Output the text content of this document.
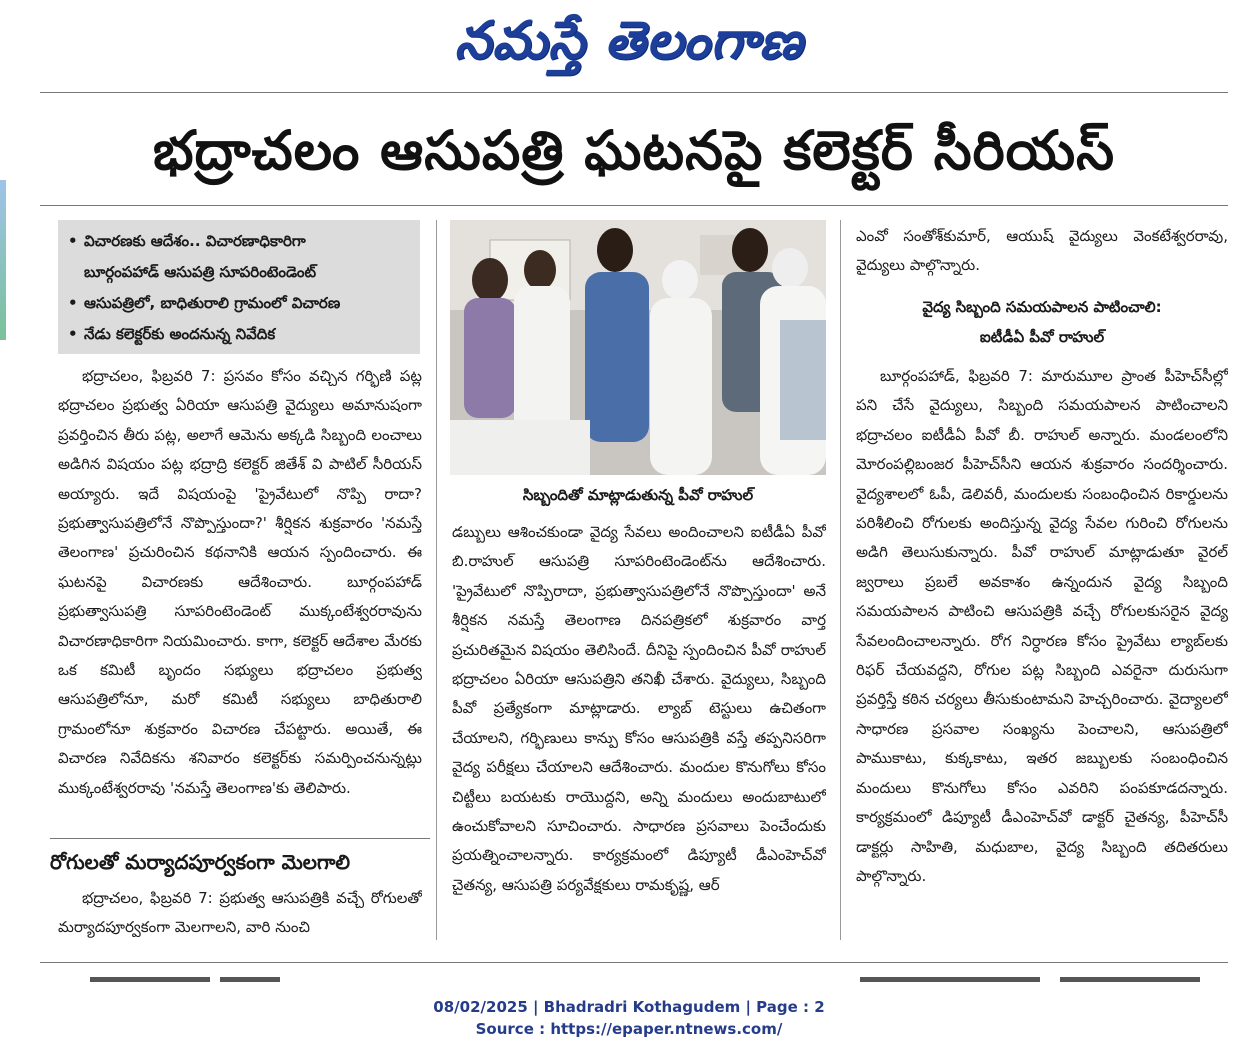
నమస్తే తెలంగాణ
భద్రాచలం ఆసుపత్రి ఘటనపై కలెక్టర్ సీరియస్
• విచారణకు ఆదేశం.. విచారణాధికారిగా
బూర్గంపహాడ్ ఆసుపత్రి సూపరింటెండెంట్
• ఆసుపత్రిలో, బాధితురాలి గ్రామంలో విచారణ
• నేడు కలెక్టర్‌కు అందనున్న నివేదిక
భద్రాచలం, ఫిబ్రవరి 7: ప్రసవం కోసం వచ్చిన గర్భిణి పట్ల భద్రాచలం ప్రభుత్వ ఏరియా ఆసుపత్రి వైద్యులు అమానుషంగా ప్రవర్తించిన తీరు పట్ల, అలాగే ఆమెను అక్కడి సిబ్బంది లంచాలు అడిగిన విషయం పట్ల భద్రాద్రి కలెక్టర్ జితేశ్ వి పాటిల్ సీరియస్ అయ్యారు. ఇదే విషయంపై 'ప్రైవేటులో నొప్పి రాదా? ప్రభుత్వాసుపత్రిలోనే నొప్పొస్తుందా?' శీర్షికన శుక్రవారం 'నమస్తే తెలంగాణ' ప్రచురించిన కథనానికి ఆయన స్పందించారు. ఈ ఘటనపై విచారణకు ఆదేశించారు. బూర్గంపహాడ్ ప్రభుత్వాసుపత్రి సూపరింటెండెంట్ ముక్కంటేశ్వరరావును విచారణాధికారిగా నియమించారు. కాగా, కలెక్టర్ ఆదేశాల మేరకు ఒక కమిటీ బృందం సభ్యులు భద్రాచలం ప్రభుత్వ ఆసుపత్రిలోనూ, మరో కమిటీ సభ్యులు బాధితురాలి గ్రామంలోనూ శుక్రవారం విచారణ చేపట్టారు. అయితే, ఈ విచారణ నివేదికను శనివారం కలెక్టర్‌కు సమర్పించనున్నట్లు ముక్కంటేశ్వరరావు 'నమస్తే తెలంగాణ'కు తెలిపారు.
రోగులతో మర్యాదపూర్వకంగా మెలగాలి
భద్రాచలం, ఫిబ్రవరి 7: ప్రభుత్వ ఆసుపత్రికి వచ్చే రోగులతో మర్యాదపూర్వకంగా మెలగాలని, వారి నుంచి
సిబ్బందితో మాట్లాడుతున్న పీవో రాహుల్
డబ్బులు ఆశించకుండా వైద్య సేవలు అందించాలని ఐటీడీఏ పీవో బి.రాహుల్ ఆసుపత్రి సూపరింటెండెంట్‌ను ఆదేశించారు. 'ప్రైవేటులో నొప్పిరాదా, ప్రభుత్వాసుపత్రిలోనే నొప్పొస్తుందా' అనే శీర్షికన నమస్తే తెలంగాణ దినపత్రికలో శుక్రవారం వార్త ప్రచురితమైన విషయం తెలిసిందే. దీనిపై స్పందించిన పీవో రాహుల్ భద్రాచలం ఏరియా ఆసుపత్రిని తనిఖీ చేశారు. వైద్యులు, సిబ్బంది పీవో ప్రత్యేకంగా మాట్లాడారు. ల్యాబ్ టెస్టులు ఉచితంగా చేయాలని, గర్భిణులు కాన్పు కోసం ఆసుపత్రికి వస్తే తప్పనిసరిగా వైద్య పరీక్షలు చేయాలని ఆదేశించారు. మందుల కొనుగోలు కోసం చిట్టీలు బయటకు రాయొద్దని, అన్ని మందులు అందుబాటులో ఉంచుకోవాలని సూచించారు. సాధారణ ప్రసవాలు పెంచేందుకు ప్రయత్నించాలన్నారు. కార్యక్రమంలో డిప్యూటీ డీఎంహెచ్‌వో చైతన్య, ఆసుపత్రి పర్యవేక్షకులు రామకృష్ణ, ఆర్
ఎంవో సంతోశ్‌కుమార్, ఆయుష్ వైద్యులు వెంకటేశ్వరరావు, వైద్యులు పాల్గొన్నారు.
వైద్య సిబ్బంది సమయపాలన పాటించాలి:
ఐటీడీఏ పీవో రాహుల్
బూర్గంపహాడ్, ఫిబ్రవరి 7: మారుమూల ప్రాంత పీహెచ్‌సీల్లో పని చేసే వైద్యులు, సిబ్బంది సమయపాలన పాటించాలని భద్రాచలం ఐటీడీఏ పీవో బీ. రాహుల్ అన్నారు. మండలంలోని మోరంపల్లిబంజర పీహెచ్‌సీని ఆయన శుక్రవారం సందర్శించారు. వైద్యశాలలో ఓపీ, డెలివరీ, మందులకు సంబంధించిన రికార్డులను పరిశీలించి రోగులకు అందిస్తున్న వైద్య సేవల గురించి రోగులను అడిగి తెలుసుకున్నారు. పీవో రాహుల్ మాట్లాడుతూ వైరల్ జ్వరాలు ప్రబలే అవకాశం ఉన్నందున వైద్య సిబ్బంది సమయపాలన పాటించి ఆసుపత్రికి వచ్చే రోగులకుసరైన వైద్య సేవలందించాలన్నారు. రోగ నిర్ధారణ కోసం ప్రైవేటు ల్యాబ్‌లకు రిఫర్ చేయవద్దని, రోగుల పట్ల సిబ్బంది ఎవరైనా దురుసుగా ప్రవర్తిస్తే కఠిన చర్యలు తీసుకుంటామని హెచ్చరించారు. వైద్యాలలో సాధారణ ప్రసవాల సంఖ్యను పెంచాలని, ఆసుపత్రిలో పాముకాటు, కుక్కకాటు, ఇతర జబ్బులకు సంబంధించిన మందులు కొనుగోలు కోసం ఎవరిని పంపకూడదన్నారు. కార్యక్రమంలో డిప్యూటీ డీఎంహెచ్‌వో డాక్టర్ చైతన్య, పీహెచ్‌సీ డాక్టర్లు సాహితి, మధుబాల, వైద్య సిబ్బంది తదితరులు పాల్గొన్నారు.
08/02/2025 | Bhadradri Kothagudem | Page : 2
Source : https://epaper.ntnews.com/
